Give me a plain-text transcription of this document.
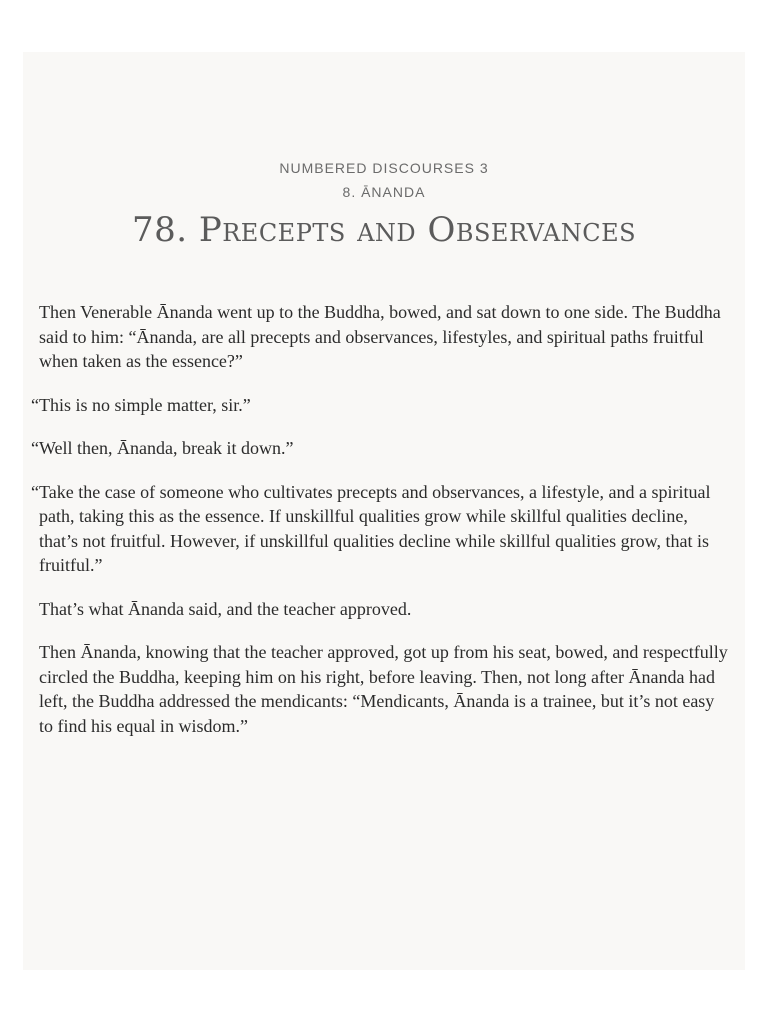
NUMBERED DISCOURSES 3
8. ĀNANDA
78. Precepts and Observances

Then Venerable Ānanda went up to the Buddha, bowed, and sat down to one side. The Buddha said to him: “Ānanda, are all precepts and observances, lifestyles, and spiritual paths fruitful when taken as the essence?”

“This is no simple matter, sir.”

“Well then, Ānanda, break it down.”

“Take the case of someone who cultivates precepts and observances, a lifestyle, and a spiritual path, taking this as the essence. If unskillful qualities grow while skillful qualities decline, that’s not fruitful. However, if unskillful qualities decline while skillful qualities grow, that is fruitful.”

That’s what Ānanda said, and the teacher approved.

Then Ānanda, knowing that the teacher approved, got up from his seat, bowed, and respectfully circled the Buddha, keeping him on his right, before leaving. Then, not long after Ānanda had left, the Buddha addressed the mendicants: “Mendicants, Ānanda is a trainee, but it’s not easy to find his equal in wisdom.”
